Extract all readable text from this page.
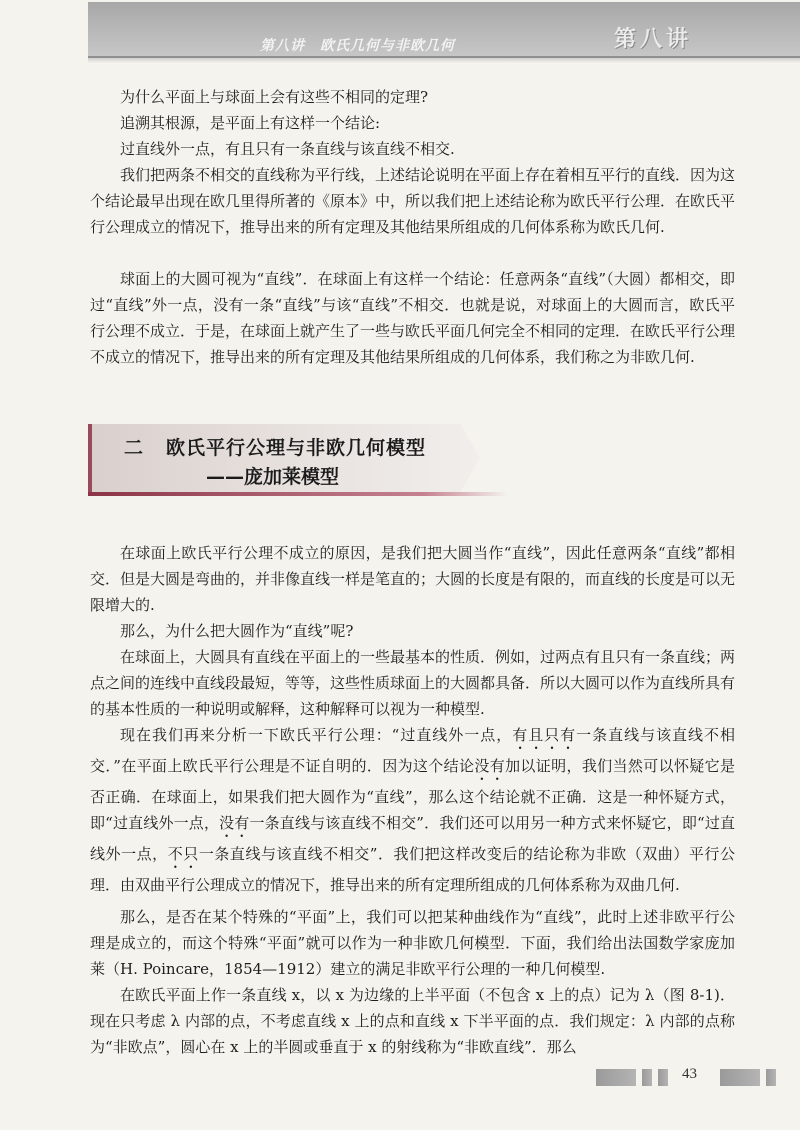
第八讲　欧氏几何与非欧几何	第八讲

为什么平面上与球面上会有这些不相同的定理?

追溯其根源，是平面上有这样一个结论:

过直线外一点，有且只有一条直线与该直线不相交.

我们把两条不相交的直线称为平行线，上述结论说明在平面上存在着相互平行的直线．因为这个结论最早出现在欧几里得所著的《原本》中，所以我们把上述结论称为欧氏平行公理．在欧氏平行公理成立的情况下，推导出来的所有定理及其他结果所组成的几何体系称为欧氏几何.

球面上的大圆可视为“直线”．在球面上有这样一个结论：任意两条“直线”（大圆）都相交，即过“直线”外一点，没有一条“直线”与该“直线”不相交．也就是说，对球面上的大圆而言，欧氏平行公理不成立．于是，在球面上就产生了一些与欧氏平面几何完全不相同的定理．在欧氏平行公理不成立的情况下，推导出来的所有定理及其他结果所组成的几何体系，我们称之为非欧几何.

二 欧氏平行公理与非欧几何模型
——庞加莱模型

在球面上欧氏平行公理不成立的原因，是我们把大圆当作“直线”，因此任意两条“直线”都相交．但是大圆是弯曲的，并非像直线一样是笔直的；大圆的长度是有限的，而直线的长度是可以无限增大的.

那么，为什么把大圆作为“直线”呢?

在球面上，大圆具有直线在平面上的一些最基本的性质．例如，过两点有且只有一条直线；两点之间的连线中直线段最短，等等，这些性质球面上的大圆都具备．所以大圆可以作为直线所具有的基本性质的一种说明或解释，这种解释可以视为一种模型.

现在我们再来分析一下欧氏平行公理：“过直线外一点，有且只有一条直线与该直线不相交．”在平面上欧氏平行公理是不证自明的．因为这个结论没有加以证明，我们当然可以怀疑它是否正确．在球面上，如果我们把大圆作为“直线”，那么这个结论就不正确．这是一种怀疑方式，即“过直线外一点，没有一条直线与该直线不相交”．我们还可以用另一种方式来怀疑它，即“过直线外一点，不只一条直线与该直线不相交”．我们把这样改变后的结论称为非欧（双曲）平行公理．由双曲平行公理成立的情况下，推导出来的所有定理所组成的几何体系称为双曲几何.

那么，是否在某个特殊的“平面”上，我们可以把某种曲线作为“直线”，此时上述非欧平行公理是成立的，而这个特殊“平面”就可以作为一种非欧几何模型．下面，我们给出法国数学家庞加莱（H. Poincare，1854—1912）建立的满足非欧平行公理的一种几何模型.

在欧氏平面上作一条直线 x，以 x 为边缘的上半平面（不包含 x 上的点）记为 λ（图 8-1)．现在只考虑 λ 内部的点，不考虑直线 x 上的点和直线 x 下半平面的点．我们规定：λ 内部的点称为“非欧点”，圆心在 x 上的半圆或垂直于 x 的射线称为“非欧直线”．那么

43
